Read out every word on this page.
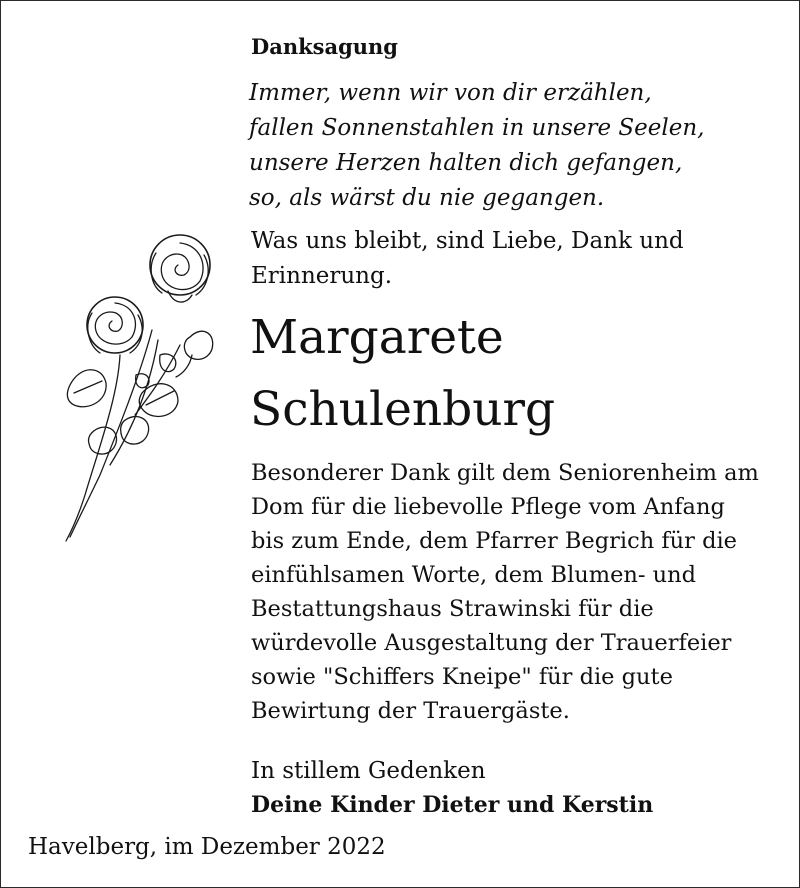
Danksagung
Immer, wenn wir von dir erzählen,
fallen Sonnenstahlen in unsere Seelen,
unsere Herzen halten dich gefangen,
so, als wärst du nie gegangen.
Was uns bleibt, sind Liebe, Dank und
Erinnerung.
Margarete
Schulenburg
Besonderer Dank gilt dem Seniorenheim am
Dom für die liebevolle Pflege vom Anfang
bis zum Ende, dem Pfarrer Begrich für die
einfühlsamen Worte, dem Blumen- und
Bestattungshaus Strawinski für die
würdevolle Ausgestaltung der Trauerfeier
sowie "Schiffers Kneipe" für die gute
Bewirtung der Trauergäste.
In stillem Gedenken
Deine Kinder Dieter und Kerstin
Havelberg, im Dezember 2022
